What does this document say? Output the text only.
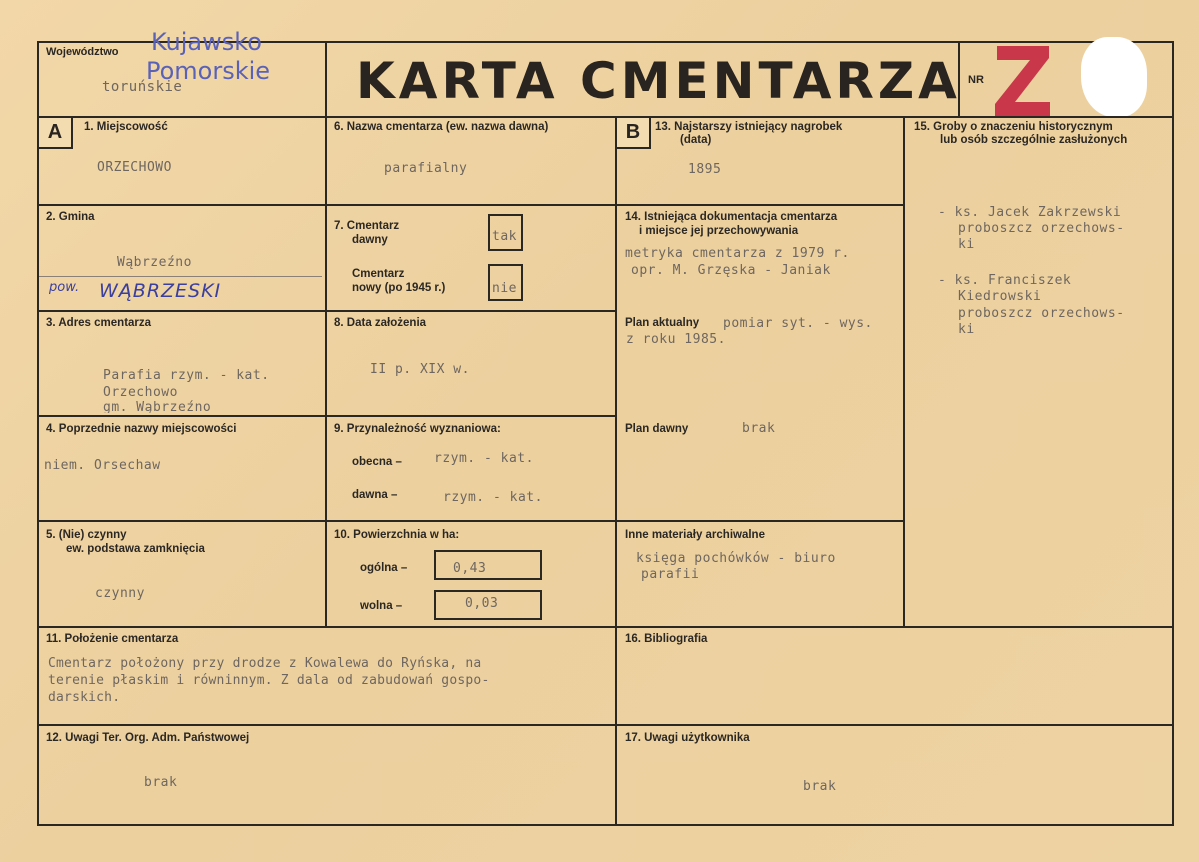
Województwo Kujawsko
Pomorskie
toruńskie	KARTA CMENTARZA NR
Z
A	B
1. Miejscowość
ORZECHOWO
6. Nazwa cmentarza (ew. nazwa dawna)
parafialny
13. Najstarszy istniejący nagrobek
(data)
1895
15. Groby o znaczeniu historycznym
lub osób szczególnie zasłużonych
- ks. Jacek Zakrzewski
proboszcz orzechows-
ki
- ks. Franciszek
Kiedrowski
proboszcz orzechows-
ki
2. Gmina
Wąbrzeźno
pow. WĄBRZESKI
7. Cmentarz
dawny	tak
Cmentarz
nowy (po 1945 r.)	nie
14. Istniejąca dokumentacja cmentarza
i miejsce jej przechowywania
metryka cmentarza z 1979 r.
opr. M. Grzęska - Janiak
Plan aktualny pomiar syt. - wys.
z roku 1985.
Plan dawny	brak
Inne materiały archiwalne
księga pochówków - biuro
parafii
3. Adres cmentarza
Parafia rzym. - kat.
Orzechowo
gm. Wąbrzeźno
8. Data założenia
II p. XIX w.
4. Poprzednie nazwy miejscowości
niem. Orsechaw
9. Przynależność wyznaniowa:
obecna – rzym. - kat.
dawna –	rzym. - kat.
5. (Nie) czynny
ew. podstawa zamknięcia
czynny
10. Powierzchnia w ha:
ogólna –	0,43
wolna –	0,03
11. Położenie cmentarza
Cmentarz położony przy drodze z Kowalewa do Ryńska, na
terenie płaskim i równinnym. Z dala od zabudowań gospo-
darskich.
16. Bibliografia
12. Uwagi Ter. Org. Adm. Państwowej
brak
17. Uwagi użytkownika
brak
